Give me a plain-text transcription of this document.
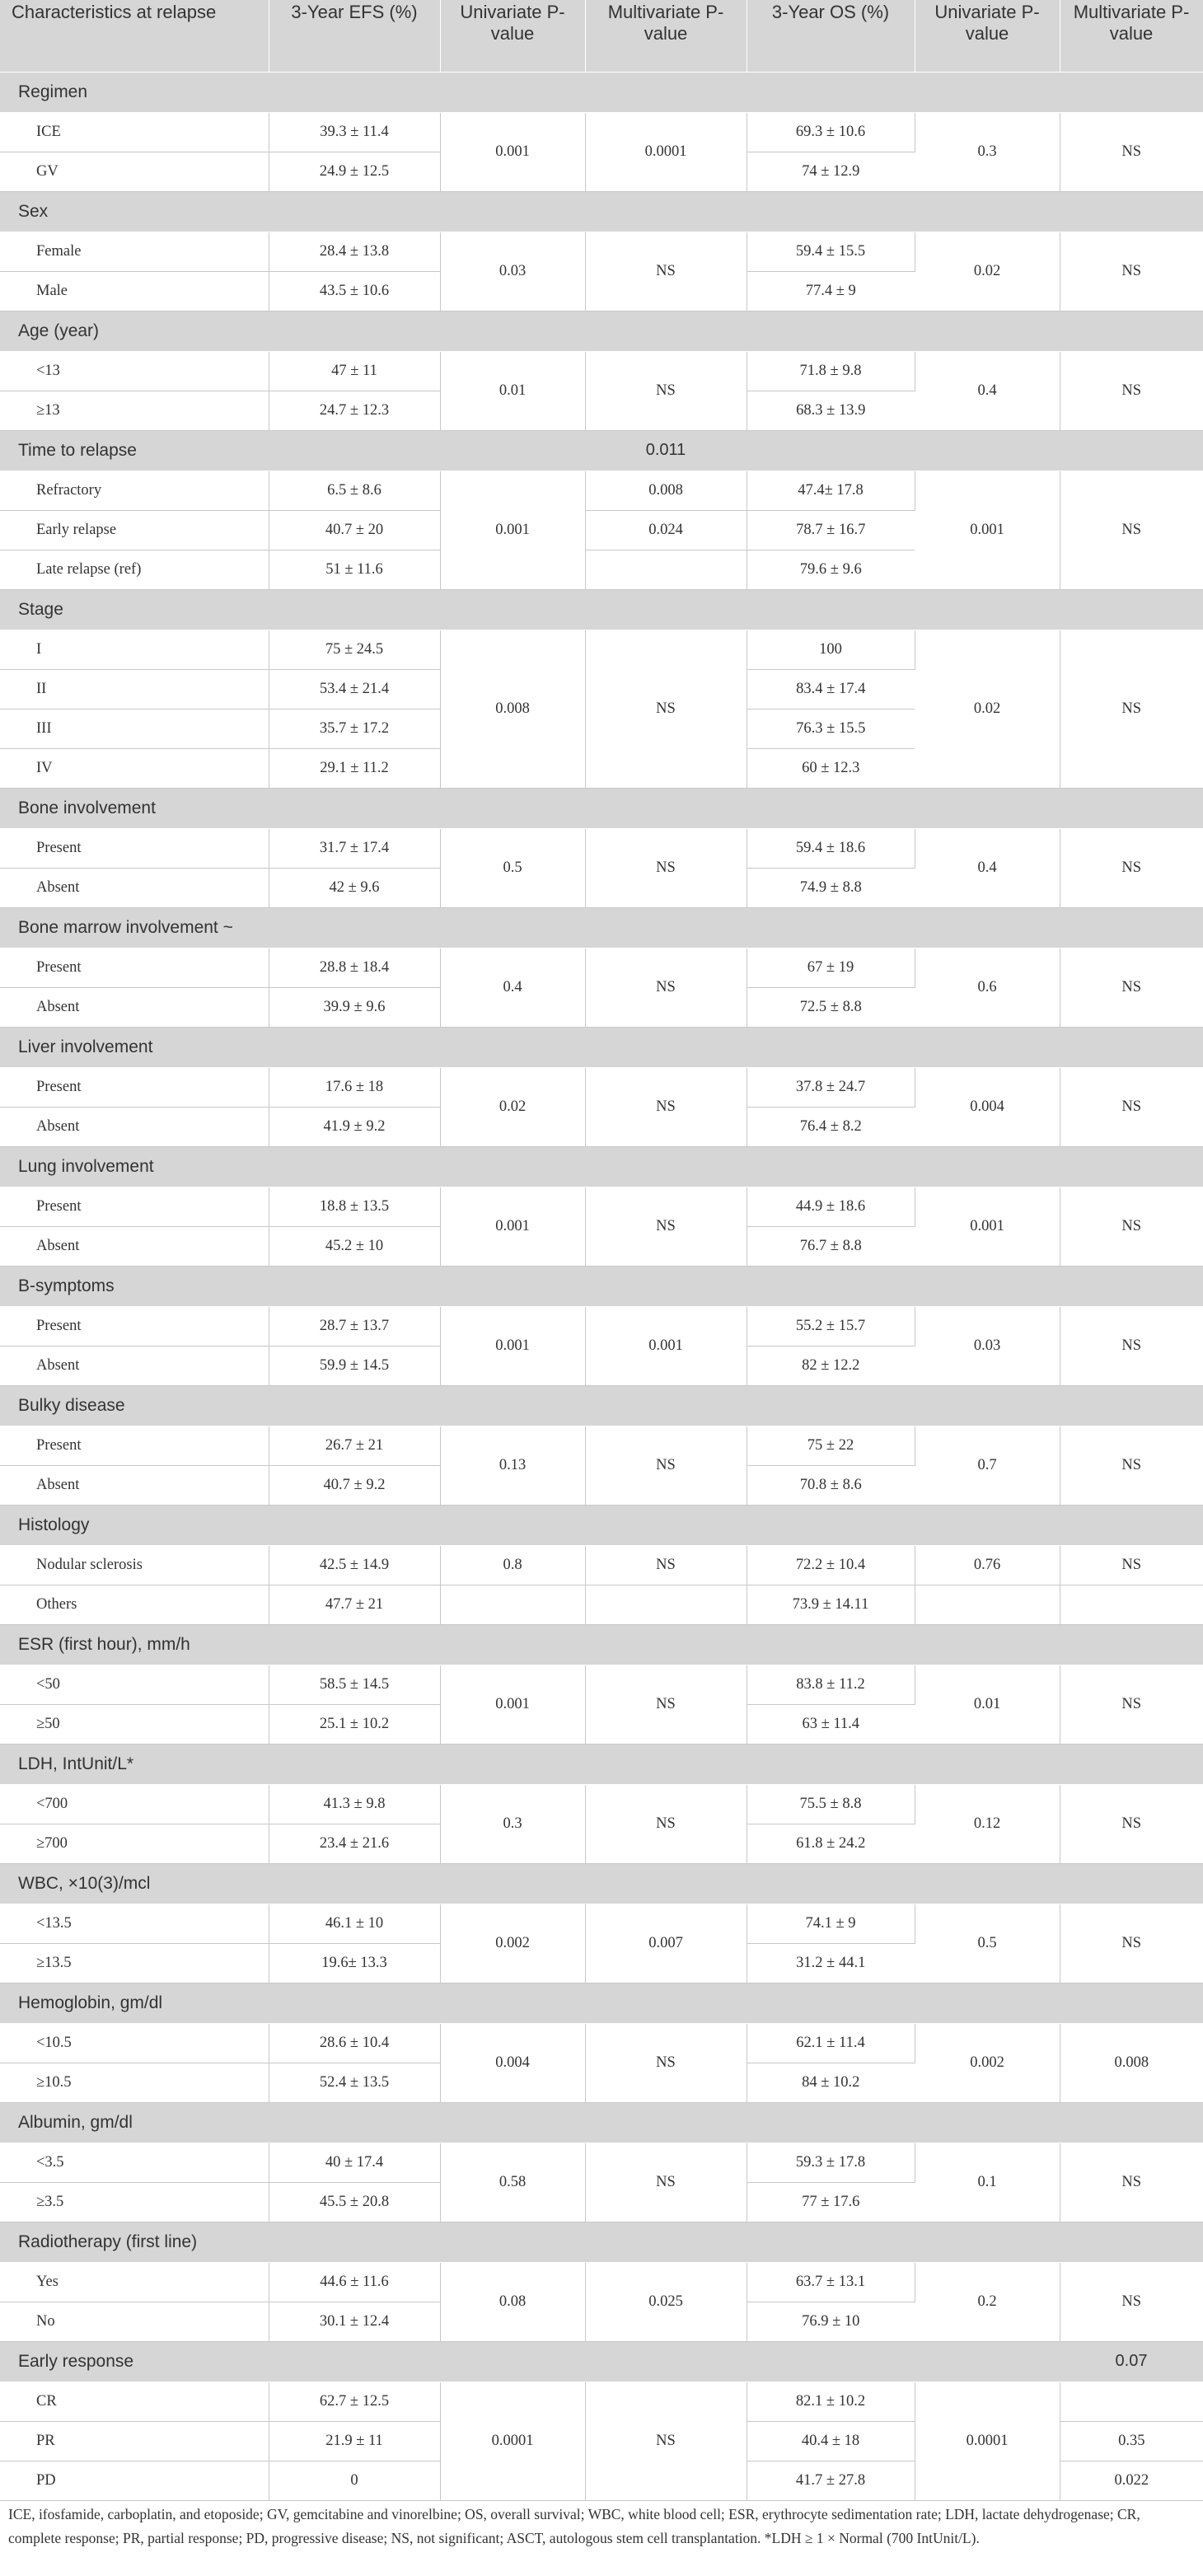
Characteristics at relapse	3-Year EFS (%)	Univariate P-value	Multivariate P-value	3-Year OS (%)	Univariate P-value	Multivariate P-value
Regimen						
ICE	39.3 ± 11.4	0.001	0.0001	69.3 ± 10.6	0.3	NS
GV	24.9 ± 12.5			74 ± 12.9		
Sex						
Female	28.4 ± 13.8	0.03	NS	59.4 ± 15.5	0.02	NS
Male	43.5 ± 10.6			77.4 ± 9		
Age (year)						
<13	47 ± 11	0.01	NS	71.8 ± 9.8	0.4	NS
≥13	24.7 ± 12.3			68.3 ± 13.9		
Time to relapse			0.011			
Refractory	6.5 ± 8.6	0.001	0.008	47.4± 17.8	0.001	NS
Early relapse	40.7 ± 20		0.024	78.7 ± 16.7		
Late relapse (ref)	51 ± 11.6			79.6 ± 9.6		
Stage						
I	75 ± 24.5	0.008	NS	100	0.02	NS
II	53.4 ± 21.4			83.4 ± 17.4		
III	35.7 ± 17.2			76.3 ± 15.5		
IV	29.1 ± 11.2			60 ± 12.3		
Bone involvement						
Present	31.7 ± 17.4	0.5	NS	59.4 ± 18.6	0.4	NS
Absent	42 ± 9.6			74.9 ± 8.8		
Bone marrow involvement ~						
Present	28.8 ± 18.4	0.4	NS	67 ± 19	0.6	NS
Absent	39.9 ± 9.6			72.5 ± 8.8		
Liver involvement						
Present	17.6 ± 18	0.02	NS	37.8 ± 24.7	0.004	NS
Absent	41.9 ± 9.2			76.4 ± 8.2		
Lung involvement						
Present	18.8 ± 13.5	0.001	NS	44.9 ± 18.6	0.001	NS
Absent	45.2 ± 10			76.7 ± 8.8		
B-symptoms						
Present	28.7 ± 13.7	0.001	0.001	55.2 ± 15.7	0.03	NS
Absent	59.9 ± 14.5			82 ± 12.2		
Bulky disease						
Present	26.7 ± 21	0.13	NS	75 ± 22	0.7	NS
Absent	40.7 ± 9.2			70.8 ± 8.6		
Histology						
Nodular sclerosis	42.5 ± 14.9	0.8	NS	72.2 ± 10.4	0.76	NS
Others	47.7 ± 21			73.9 ± 14.11		
ESR (first hour), mm/h						
<50	58.5 ± 14.5	0.001	NS	83.8 ± 11.2	0.01	NS
≥50	25.1 ± 10.2			63 ± 11.4		
LDH, IntUnit/L*						
<700	41.3 ± 9.8	0.3	NS	75.5 ± 8.8	0.12	NS
≥700	23.4 ± 21.6			61.8 ± 24.2		
WBC, ×10(3)/mcl						
<13.5	46.1 ± 10	0.002	0.007	74.1 ± 9	0.5	NS
≥13.5	19.6± 13.3			31.2 ± 44.1		
Hemoglobin, gm/dl						
<10.5	28.6 ± 10.4	0.004	NS	62.1 ± 11.4	0.002	0.008
≥10.5	52.4 ± 13.5			84 ± 10.2		
Albumin, gm/dl						
<3.5	40 ± 17.4	0.58	NS	59.3 ± 17.8	0.1	NS
≥3.5	45.5 ± 20.8			77 ± 17.6		
Radiotherapy (first line)						
Yes	44.6 ± 11.6	0.08	0.025	63.7 ± 13.1	0.2	NS
No	30.1 ± 12.4			76.9 ± 10		
Early response						0.07
CR	62.7 ± 12.5	0.0001	NS	82.1 ± 10.2	0.0001	
PR	21.9 ± 11			40.4 ± 18		0.35
PD	0			41.7 ± 27.8		0.022
ICE, ifosfamide, carboplatin, and etoposide; GV, gemcitabine and vinorelbine; OS, overall survival; WBC, white blood cell; ESR, erythrocyte sedimentation rate; LDH, lactate dehydrogenase; CR, complete response; PR, partial response; PD, progressive disease; NS, not significant; ASCT, autologous stem cell transplantation. *LDH ≥ 1 × Normal (700 IntUnit/L).
